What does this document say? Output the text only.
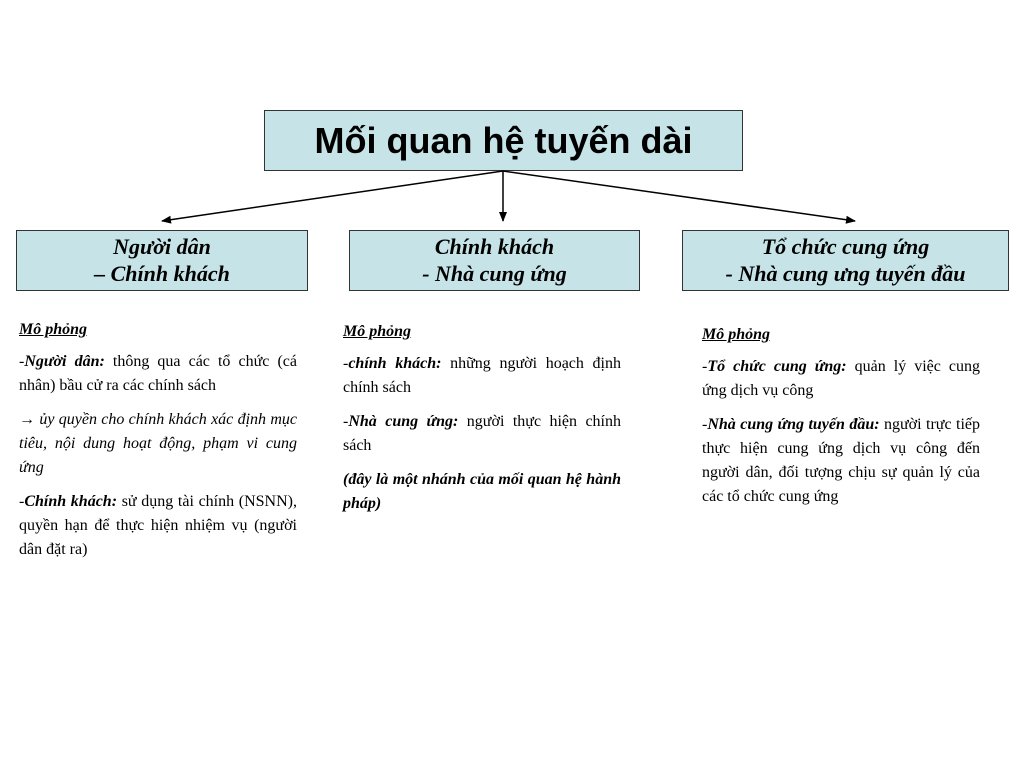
Mối quan hệ tuyến dài
Người dân
– Chính khách
Chính khách
- Nhà cung ứng
Tổ chức cung ứng
- Nhà cung ưng tuyến đầu

Mô phỏng

-Người dân: thông qua các tổ chức (cá nhân) bầu cử ra các chính sách

→ ủy quyền cho chính khách xác định mục tiêu, nội dung hoạt động, phạm vi cung ứng

-Chính khách: sử dụng tài chính (NSNN), quyền hạn để thực hiện nhiệm vụ (người dân đặt ra)

Mô phỏng

-chính khách: những người hoạch định chính sách

-Nhà cung ứng: người thực hiện chính sách

(đây là một nhánh của mối quan hệ hành pháp)

Mô phỏng

-Tổ chức cung ứng: quản lý việc cung ứng dịch vụ công

-Nhà cung ứng tuyến đầu: người trực tiếp thực hiện cung ứng dịch vụ công đến người dân, đối tượng chịu sự quản lý của các tổ chức cung ứng
